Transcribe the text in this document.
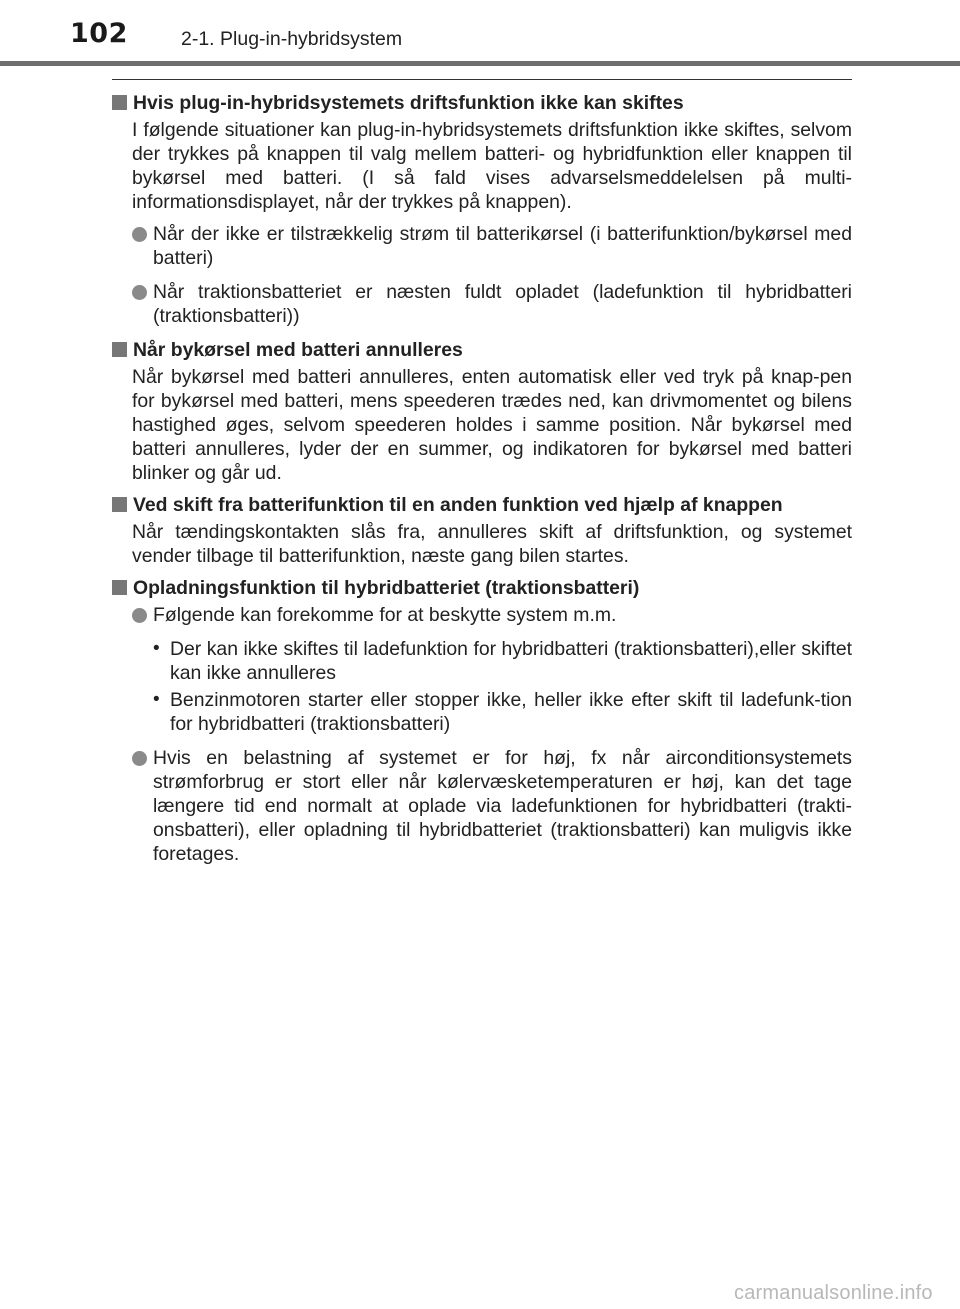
102	2-1. Plug-in-hybridsystem
Hvis plug-in-hybridsystemets driftsfunktion ikke kan skiftes
I følgende situationer kan plug-in-hybridsystemets driftsfunktion ikke skiftes, selvom der trykkes på knappen til valg mellem batteri- og hybridfunktion eller knappen til bykørsel med batteri. (I så fald vises advarselsmeddelelsen på multi-informationsdisplayet, når der trykkes på knappen).
Når der ikke er tilstrækkelig strøm til batterikørsel (i batterifunktion/bykørsel med batteri)
Når traktionsbatteriet er næsten fuldt opladet (ladefunktion til hybridbatteri (traktionsbatteri))
Når bykørsel med batteri annulleres
Når bykørsel med batteri annulleres, enten automatisk eller ved tryk på knap-pen for bykørsel med batteri, mens speederen trædes ned, kan drivmomentet og bilens hastighed øges, selvom speederen holdes i samme position. Når bykørsel med batteri annulleres, lyder der en summer, og indikatoren for bykørsel med batteri blinker og går ud.
Ved skift fra batterifunktion til en anden funktion ved hjælp af knappen
Når tændingskontakten slås fra, annulleres skift af driftsfunktion, og systemet vender tilbage til batterifunktion, næste gang bilen startes.
Opladningsfunktion til hybridbatteriet (traktionsbatteri)
Følgende kan forekomme for at beskytte system m.m.
• Der kan ikke skiftes til ladefunktion for hybridbatteri (traktionsbatteri),eller skiftet kan ikke annulleres
• Benzinmotoren starter eller stopper ikke, heller ikke efter skift til ladefunk-tion for hybridbatteri (traktionsbatteri)
Hvis en belastning af systemet er for høj, fx når airconditionsystemets strømforbrug er stort eller når kølervæsketemperaturen er høj, kan det tage længere tid end normalt at oplade via ladefunktionen for hybridbatteri (trakti-onsbatteri), eller opladning til hybridbatteriet (traktionsbatteri) kan muligvis ikke foretages.
carmanualsonline.info
